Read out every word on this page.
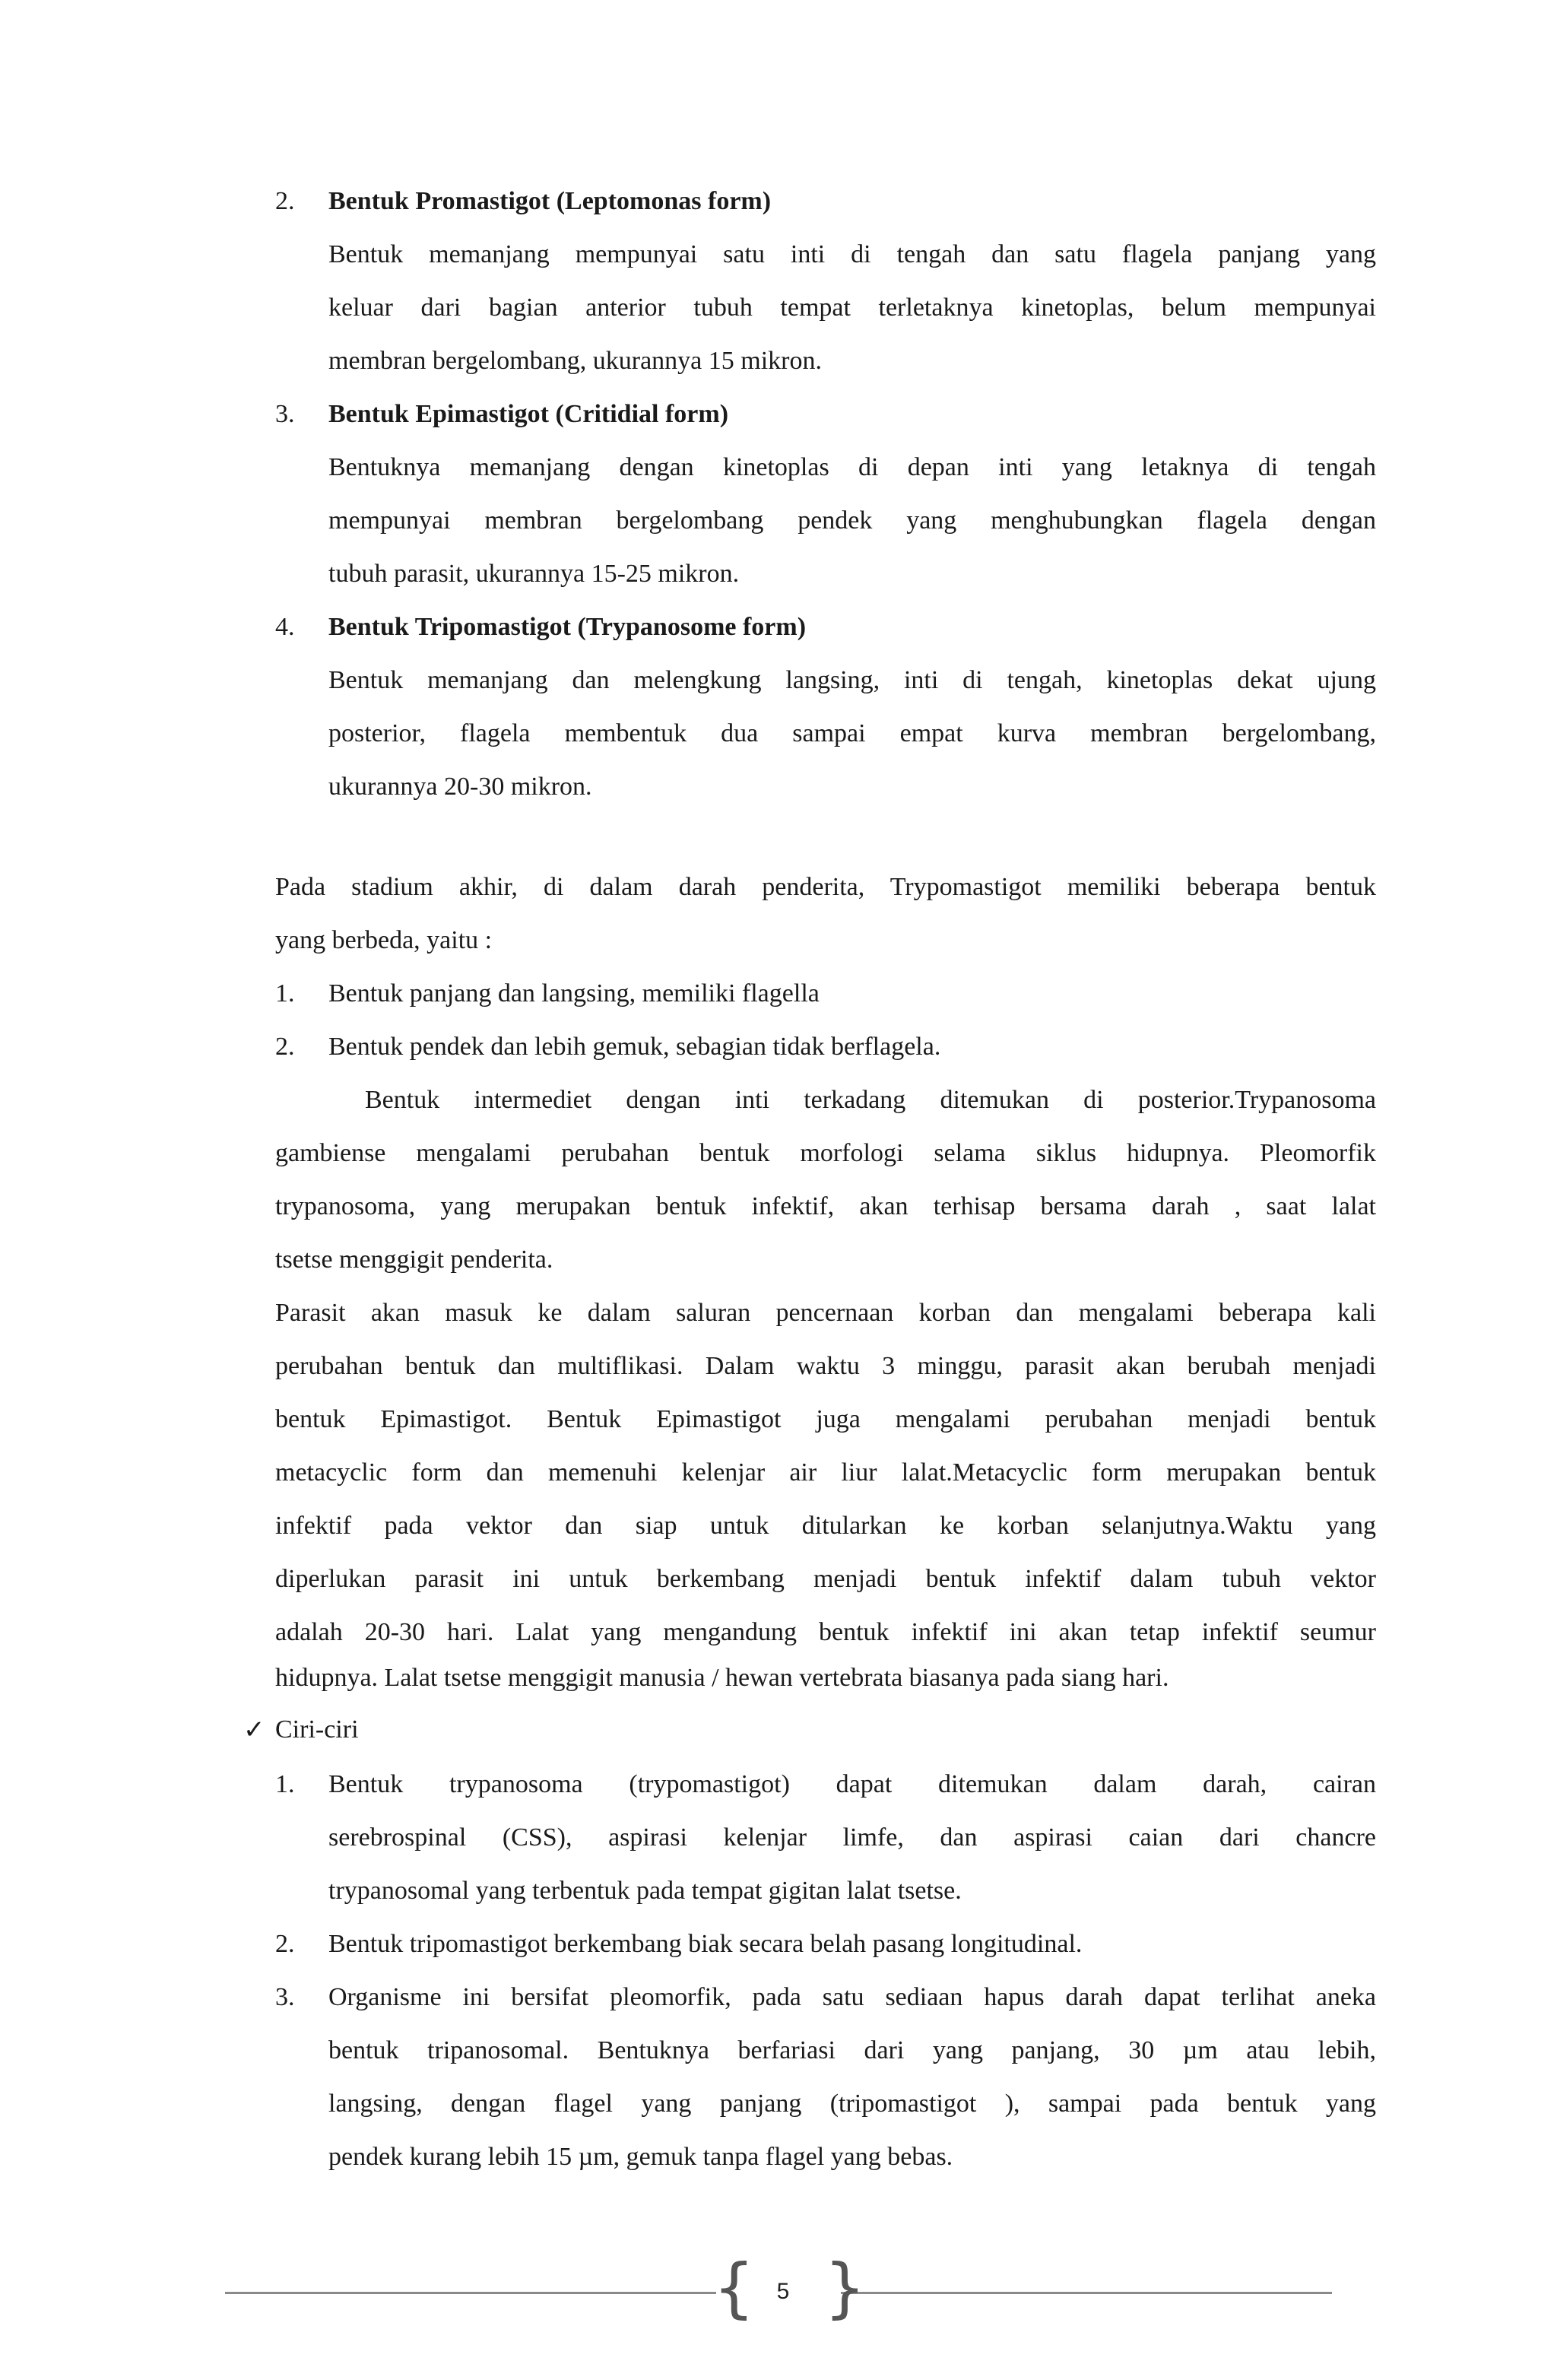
2.	Bentuk Promastigot (Leptomonas form)
Bentuk memanjang mempunyai satu inti di tengah dan satu flagela panjang yang
keluar dari bagian anterior tubuh tempat terletaknya kinetoplas, belum mempunyai
membran bergelombang, ukurannya 15 mikron.
3.	Bentuk Epimastigot (Critidial form)
Bentuknya memanjang dengan kinetoplas di depan inti yang letaknya di tengah
mempunyai membran bergelombang pendek yang menghubungkan flagela dengan
tubuh parasit, ukurannya 15-25 mikron.
4.	Bentuk Tripomastigot (Trypanosome form)
Bentuk memanjang dan melengkung langsing, inti di tengah, kinetoplas dekat ujung
posterior, flagela membentuk dua sampai empat kurva membran bergelombang,
ukurannya 20-30 mikron.
Pada stadium akhir, di dalam darah penderita, Trypomastigot memiliki beberapa bentuk
yang berbeda, yaitu :
1.	Bentuk panjang dan langsing, memiliki flagella
2.	Bentuk pendek dan lebih gemuk, sebagian tidak berflagela.
Bentuk intermediet dengan inti terkadang ditemukan di posterior.Trypanosoma
gambiense mengalami perubahan bentuk morfologi selama siklus hidupnya. Pleomorfik
trypanosoma, yang merupakan bentuk infektif, akan terhisap bersama darah , saat lalat
tsetse menggigit penderita.
Parasit akan masuk ke dalam saluran pencernaan korban dan mengalami beberapa kali
perubahan bentuk dan multiflikasi. Dalam waktu 3 minggu, parasit akan berubah menjadi
bentuk Epimastigot. Bentuk Epimastigot juga mengalami perubahan menjadi bentuk
metacyclic form dan memenuhi kelenjar air liur lalat.Metacyclic form merupakan bentuk
infektif pada vektor dan siap untuk ditularkan ke korban selanjutnya.Waktu yang
diperlukan parasit ini untuk berkembang menjadi bentuk infektif dalam tubuh vektor
adalah 20-30 hari. Lalat yang mengandung bentuk infektif ini akan tetap infektif seumur
hidupnya. Lalat tsetse menggigit manusia / hewan vertebrata biasanya pada siang hari.
✓ Ciri-ciri
1.	Bentuk trypanosoma (trypomastigot) dapat ditemukan dalam darah, cairan
serebrospinal (CSS), aspirasi kelenjar limfe, dan aspirasi caian dari chancre
trypanosomal yang terbentuk pada tempat gigitan lalat tsetse.
2.	Bentuk tripomastigot berkembang biak secara belah pasang longitudinal.
3.	Organisme ini bersifat pleomorfik, pada satu sediaan hapus darah dapat terlihat aneka
bentuk tripanosomal. Bentuknya berfariasi dari yang panjang, 30 µm atau lebih,
langsing, dengan flagel yang panjang (tripomastigot ), sampai pada bentuk yang
pendek kurang lebih 15 µm, gemuk tanpa flagel yang bebas.
{ }
5
